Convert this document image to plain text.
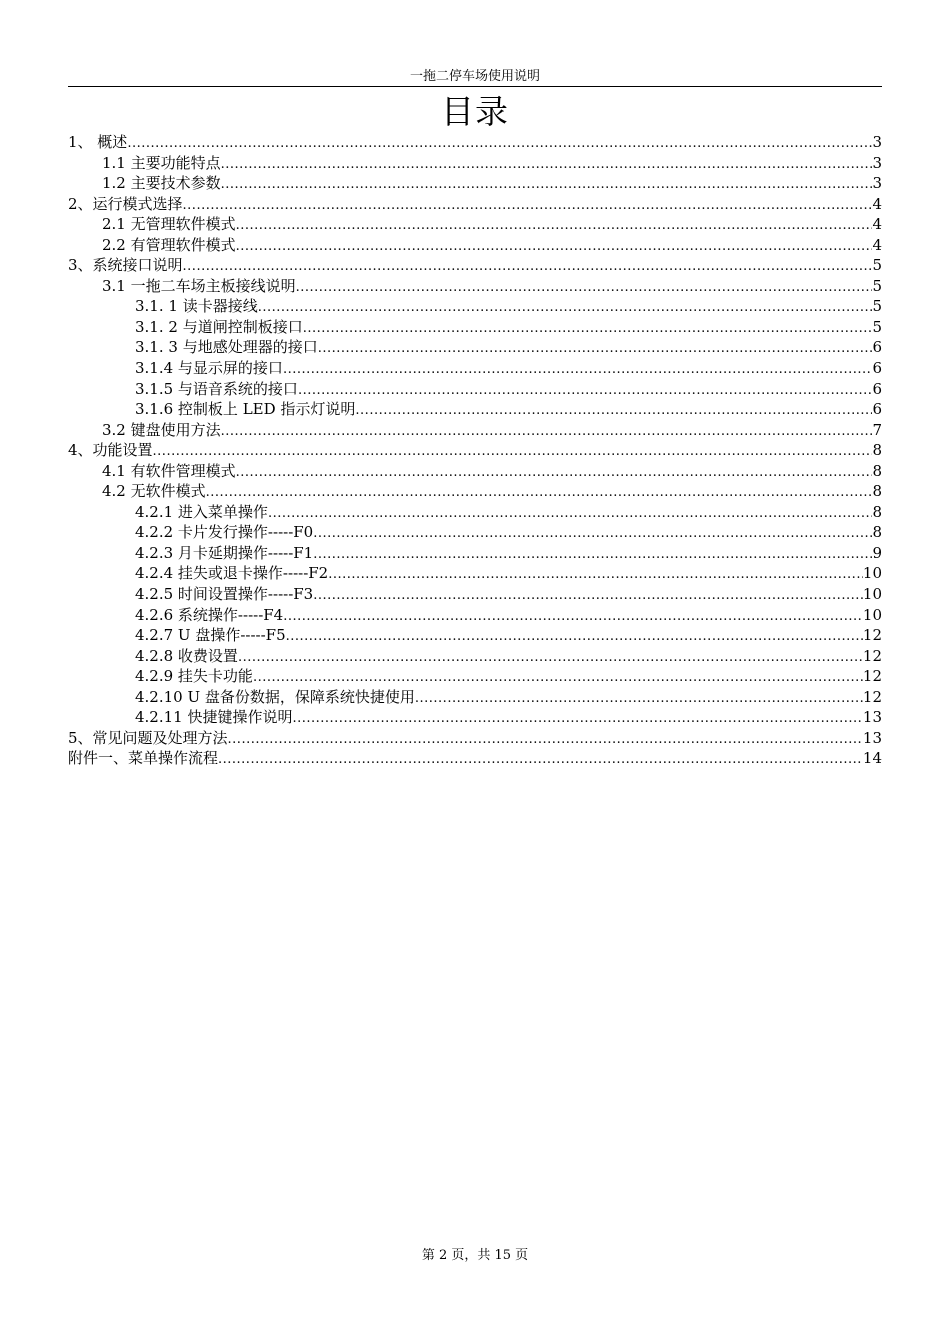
一拖二停车场使用说明
目录
1、 概述 .....	3
1.1 主要功能特点 .....	3
1.2 主要技术参数 .....	3
2、运行模式选择 .....	4
2.1 无管理软件模式 .....	4
2.2 有管理软件模式 .....	4
3、系统接口说明 .....	5
3.1 一拖二车场主板接线说明 .....	5
3.1. 1 读卡器接线 .....	5
3.1. 2 与道闸控制板接口 .....	5
3.1. 3 与地感处理器的接口 .....	6
3.1.4 与显示屏的接口 .....	6
3.1.5 与语音系统的接口 .....	6
3.1.6 控制板上 LED 指示灯说明 .....	6
3.2 键盘使用方法 .....	7
4、功能设置 .....	8
4.1 有软件管理模式 .....	8
4.2 无软件模式 .....	8
4.2.1 进入菜单操作 .....	8
4.2.2 卡片发行操作-----F0 .....	8
4.2.3 月卡延期操作-----F1 .....	9
4.2.4 挂失或退卡操作-----F2 .....	10
4.2.5 时间设置操作-----F3 .....	10
4.2.6 系统操作-----F4 .....	10
4.2.7 U 盘操作-----F5 .....	12
4.2.8 收费设置 .....	12
4.2.9 挂失卡功能 .....	12
4.2.10 U 盘备份数据，保障系统快捷使用 .....	12
4.2.11 快捷键操作说明 .....	13
5、常见问题及处理方法 .....	13
附件一、菜单操作流程 .....	14
第 2 页，共 15 页
